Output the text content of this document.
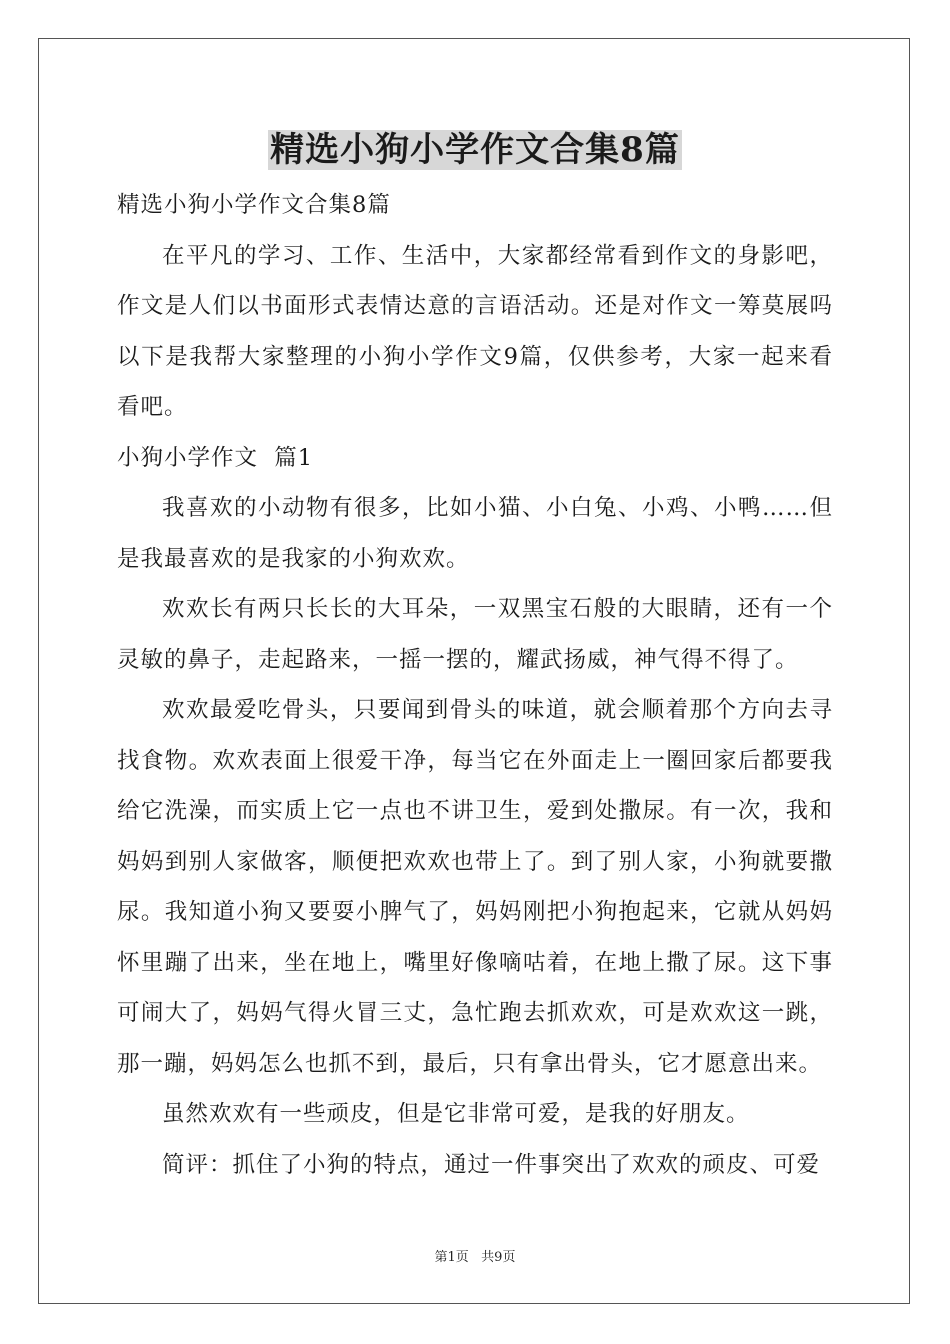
精选小狗小学作文合集8篇

精选小狗小学作文合集8篇

在平凡的学习、工作、生活中，大家都经常看到作文的身影吧，作文是人们以书面形式表情达意的言语活动。还是对作文一筹莫展吗以下是我帮大家整理的小狗小学作文9篇，仅供参考，大家一起来看看吧。

小狗小学作文  篇1

我喜欢的小动物有很多，比如小猫、小白兔、小鸡、小鸭……但是我最喜欢的是我家的小狗欢欢。

欢欢长有两只长长的大耳朵，一双黑宝石般的大眼睛，还有一个灵敏的鼻子，走起路来，一摇一摆的，耀武扬威，神气得不得了。

欢欢最爱吃骨头，只要闻到骨头的味道，就会顺着那个方向去寻找食物。欢欢表面上很爱干净，每当它在外面走上一圈回家后都要我给它洗澡，而实质上它一点也不讲卫生，爱到处撒尿。有一次，我和妈妈到别人家做客，顺便把欢欢也带上了。到了别人家，小狗就要撒尿。我知道小狗又要耍小脾气了，妈妈刚把小狗抱起来，它就从妈妈怀里蹦了出来，坐在地上，嘴里好像嘀咕着，在地上撒了尿。这下事可闹大了，妈妈气得火冒三丈，急忙跑去抓欢欢，可是欢欢这一跳，那一蹦，妈妈怎么也抓不到，最后，只有拿出骨头，它才愿意出来。

虽然欢欢有一些顽皮，但是它非常可爱，是我的好朋友。

简评：抓住了小狗的特点，通过一件事突出了欢欢的顽皮、可爱

第1页   共9页
